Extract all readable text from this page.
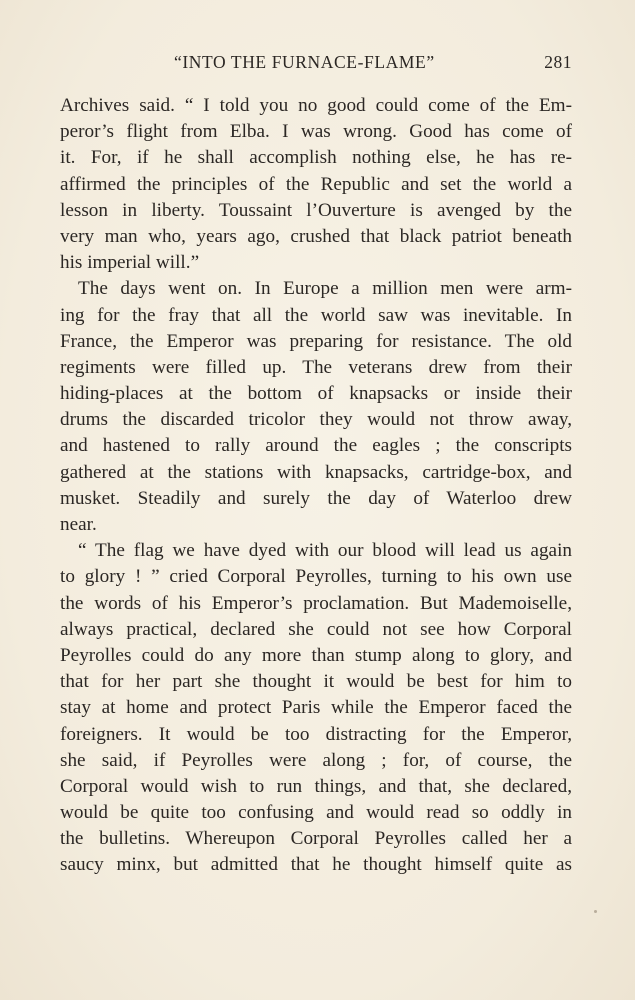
“INTO THE FURNACE-FLAME”	281
Archives said. “ I told you no good could come of the Em-
peror’s flight from Elba. I was wrong. Good has come of
it. For, if he shall accomplish nothing else, he has re-
affirmed the principles of the Republic and set the world a
lesson in liberty. Toussaint l’Ouverture is avenged by the
very man who, years ago, crushed that black patriot beneath
his imperial will.”
The days went on. In Europe a million men were arm-
ing for the fray that all the world saw was inevitable. In
France, the Emperor was preparing for resistance. The old
regiments were filled up. The veterans drew from their
hiding-places at the bottom of knapsacks or inside their
drums the discarded tricolor they would not throw away,
and hastened to rally around the eagles ; the conscripts
gathered at the stations with knapsacks, cartridge-box, and
musket. Steadily and surely the day of Waterloo drew
near.
“ The flag we have dyed with our blood will lead us again
to glory ! ” cried Corporal Peyrolles, turning to his own use
the words of his Emperor’s proclamation. But Mademoiselle,
always practical, declared she could not see how Corporal
Peyrolles could do any more than stump along to glory, and
that for her part she thought it would be best for him to
stay at home and protect Paris while the Emperor faced the
foreigners. It would be too distracting for the Emperor,
she said, if Peyrolles were along ; for, of course, the
Corporal would wish to run things, and that, she declared,
would be quite too confusing and would read so oddly in
the bulletins. Whereupon Corporal Peyrolles called her a
saucy minx, but admitted that he thought himself quite as
